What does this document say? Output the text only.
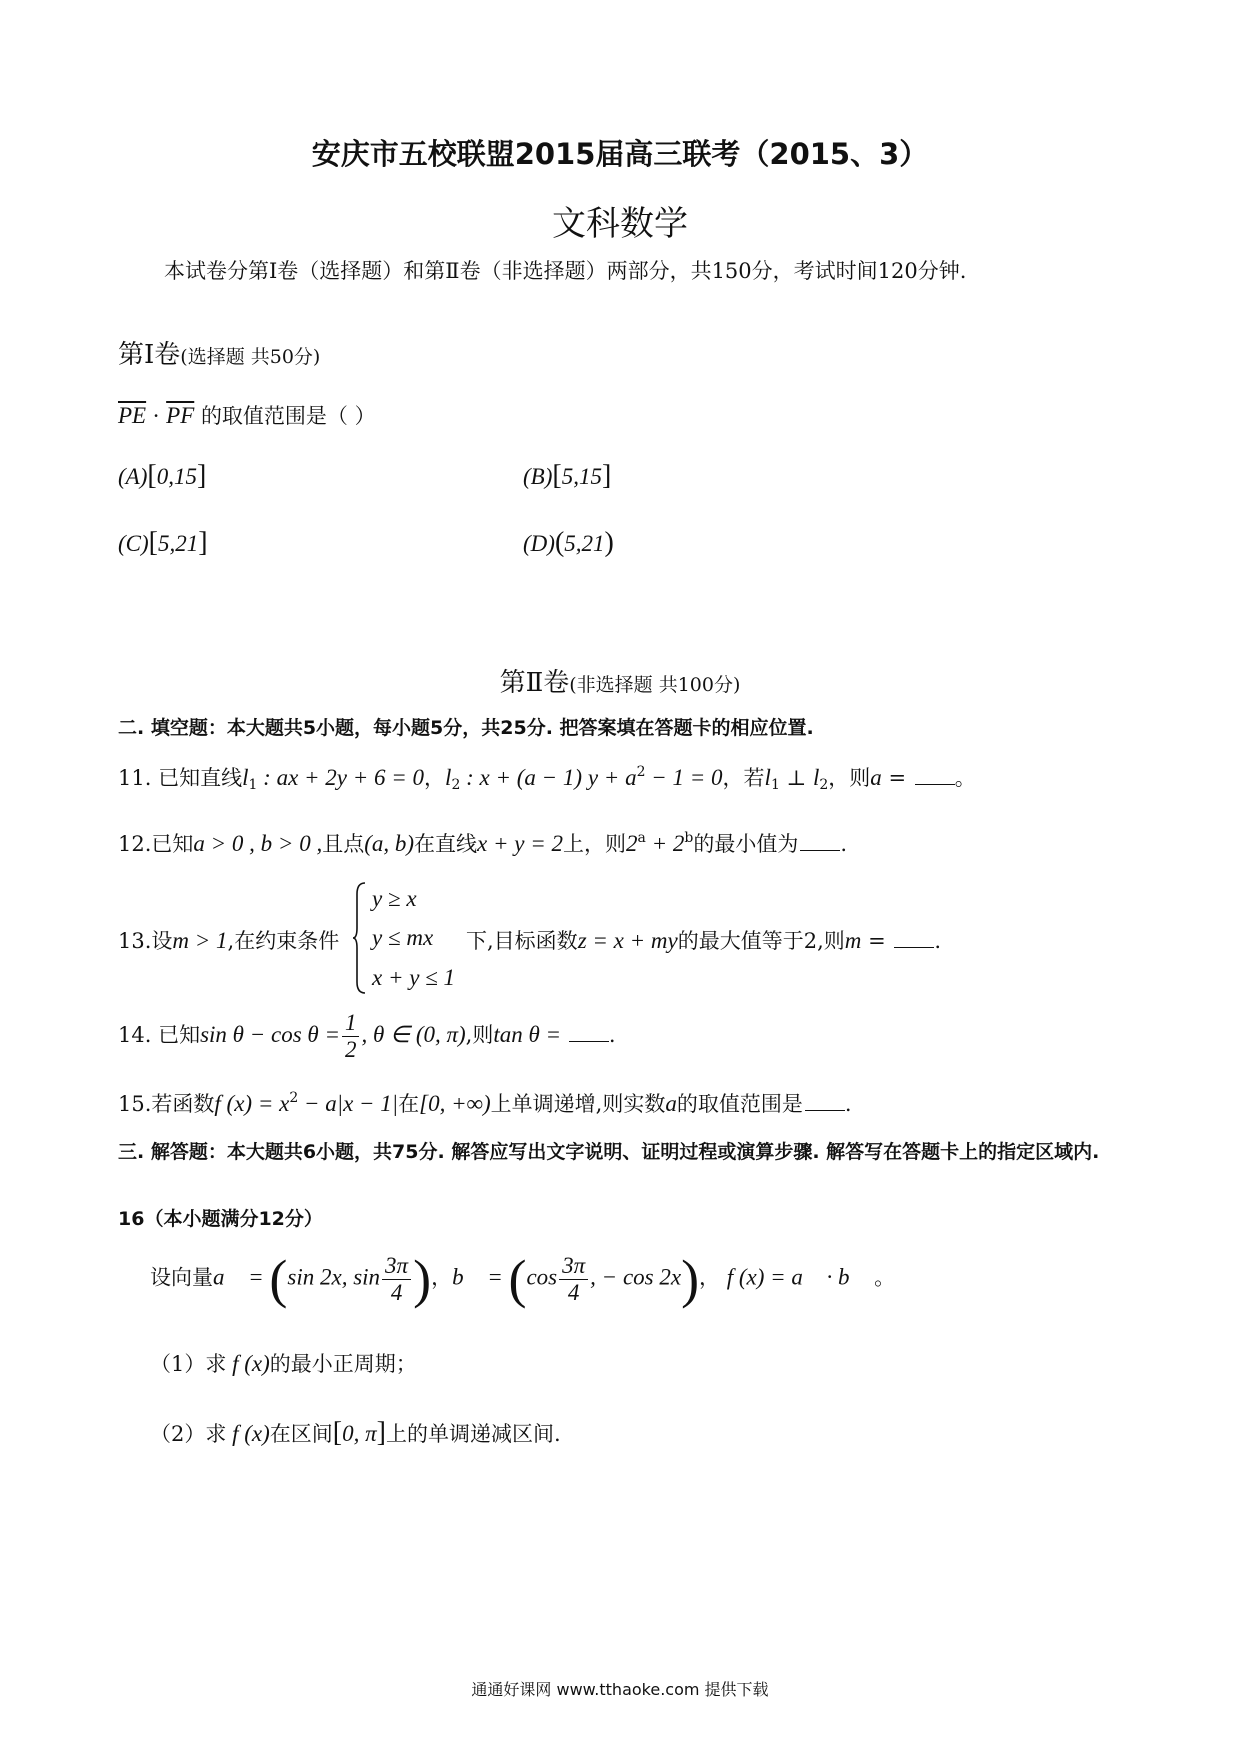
安庆市五校联盟2015届高三联考（2015、3）
文科数学
本试卷分第Ⅰ卷（选择题）和第Ⅱ卷（非选择题）两部分，共150分，考试时间120分钟.
第Ⅰ卷(选择题 共50分)
$\overline{PE} \cdot \overline{PF}$ 的取值范围是（ ）
(A)[0,15]	(B)[5,15]
(C)[5,21]	(D)(5,21)
第Ⅱ卷(非选择题 共100分)
二. 填空题：本大题共5小题，每小题5分，共25分. 把答案填在答题卡的相应位置.
11. 已知直线$l_1$ : ax + 2y + 6 = 0，$l_2$ : x + (a − 1) $y + a^2 - 1 = 0$，若$l_1$ ⊥ $l_2$，则a = 。
12.已知a > 0 , b > 0 ,且点(a, b)在直线x + y = 2上，则$2^a + 2^b$的最小值为 .
y ≥ x
y ≤ mx
x + y ≤ 1
13.设m > 1,在约束条件	下,目标函数z = x + my的最大值等于2,则m = .
14. 已知$\sin \theta - \cos \theta = \frac{1}{2}$ , θ ∈ (0, π),则tan θ = .
15.若函数f $(x) = x^2 - a|x - 1|$在[0, +∞)上单调递增,则实数a的取值范围是 .
三. 解答题：本大题共6小题，共75分. 解答应写出文字说明、证明过程或演算步骤. 解答写在答题卡上的指定区域内.
16（本小题满分12分）
设向量a⃗ = (sin 2x, $\sin \frac{3\pi}{4}$ )，b⃗ = ($\cos \frac{3\pi}{4}$ , − cos 2x)， f (x) = a⃗ · b⃗ 。
（1）求 f (x)的最小正周期；
（2）求 f (x)在区间[0, π]上的单调递减区间.
通通好课网 www.tthaoke.com 提供下载
